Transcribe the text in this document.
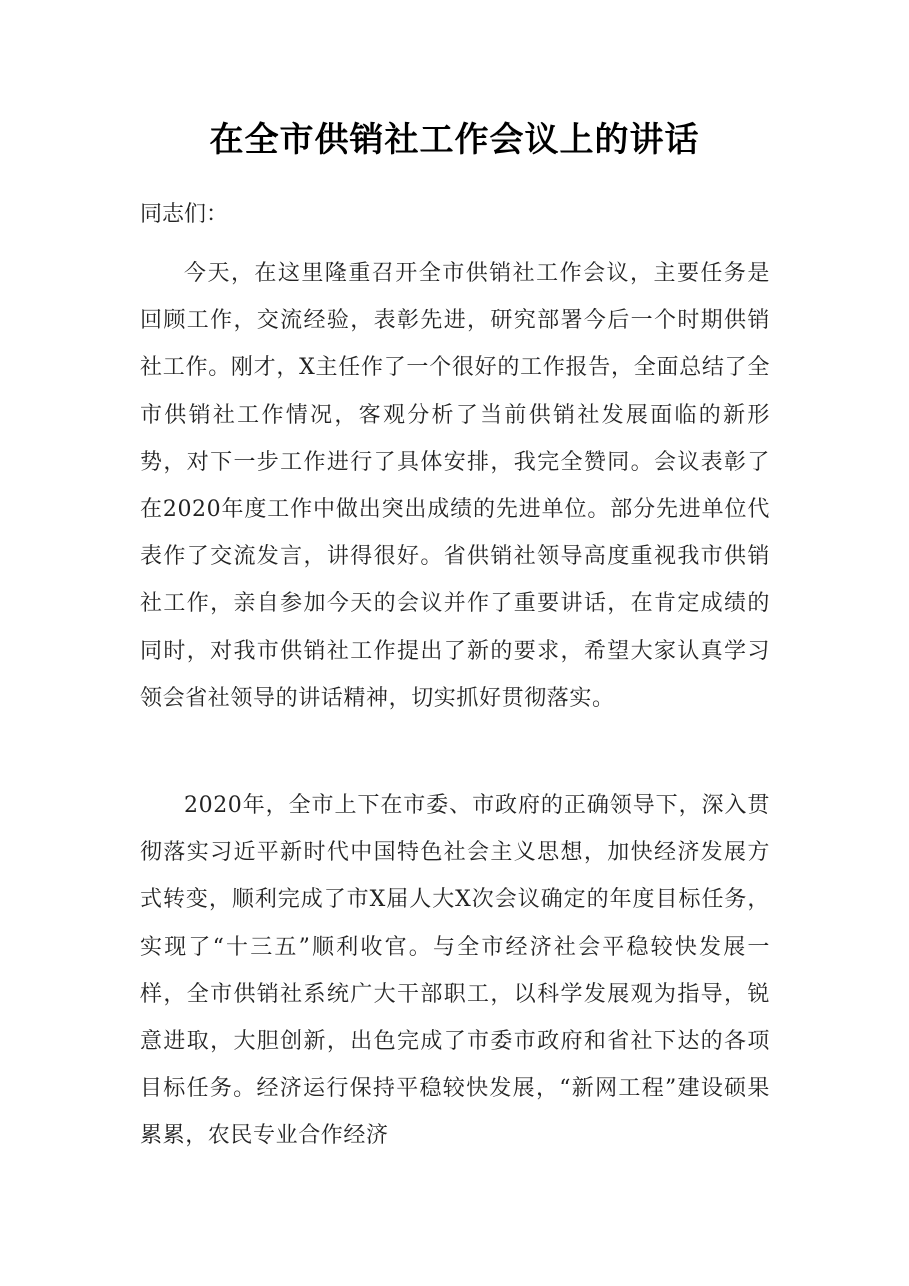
在全市供销社工作会议上的讲话
同志们：

今天，在这里隆重召开全市供销社工作会议，主要任务是回顾工作，交流经验，表彰先进，研究部署今后一个时期供销社工作。刚才，X主任作了一个很好的工作报告，全面总结了全市供销社工作情况，客观分析了当前供销社发展面临的新形势，对下一步工作进行了具体安排，我完全赞同。会议表彰了在2020年度工作中做出突出成绩的先进单位。部分先进单位代表作了交流发言，讲得很好。省供销社领导高度重视我市供销社工作，亲自参加今天的会议并作了重要讲话，在肯定成绩的同时，对我市供销社工作提出了新的要求，希望大家认真学习领会省社领导的讲话精神，切实抓好贯彻落实。

2020年，全市上下在市委、市政府的正确领导下，深入贯彻落实习近平新时代中国特色社会主义思想，加快经济发展方式转变，顺利完成了市X届人大X次会议确定的年度目标任务，实现了“十三五”顺利收官。与全市经济社会平稳较快发展一样，全市供销社系统广大干部职工，以科学发展观为指导，锐意进取，大胆创新，出色完成了市委市政府和省社下达的各项目标任务。经济运行保持平稳较快发展，“新网工程”建设硕果累累，农民专业合作经济
